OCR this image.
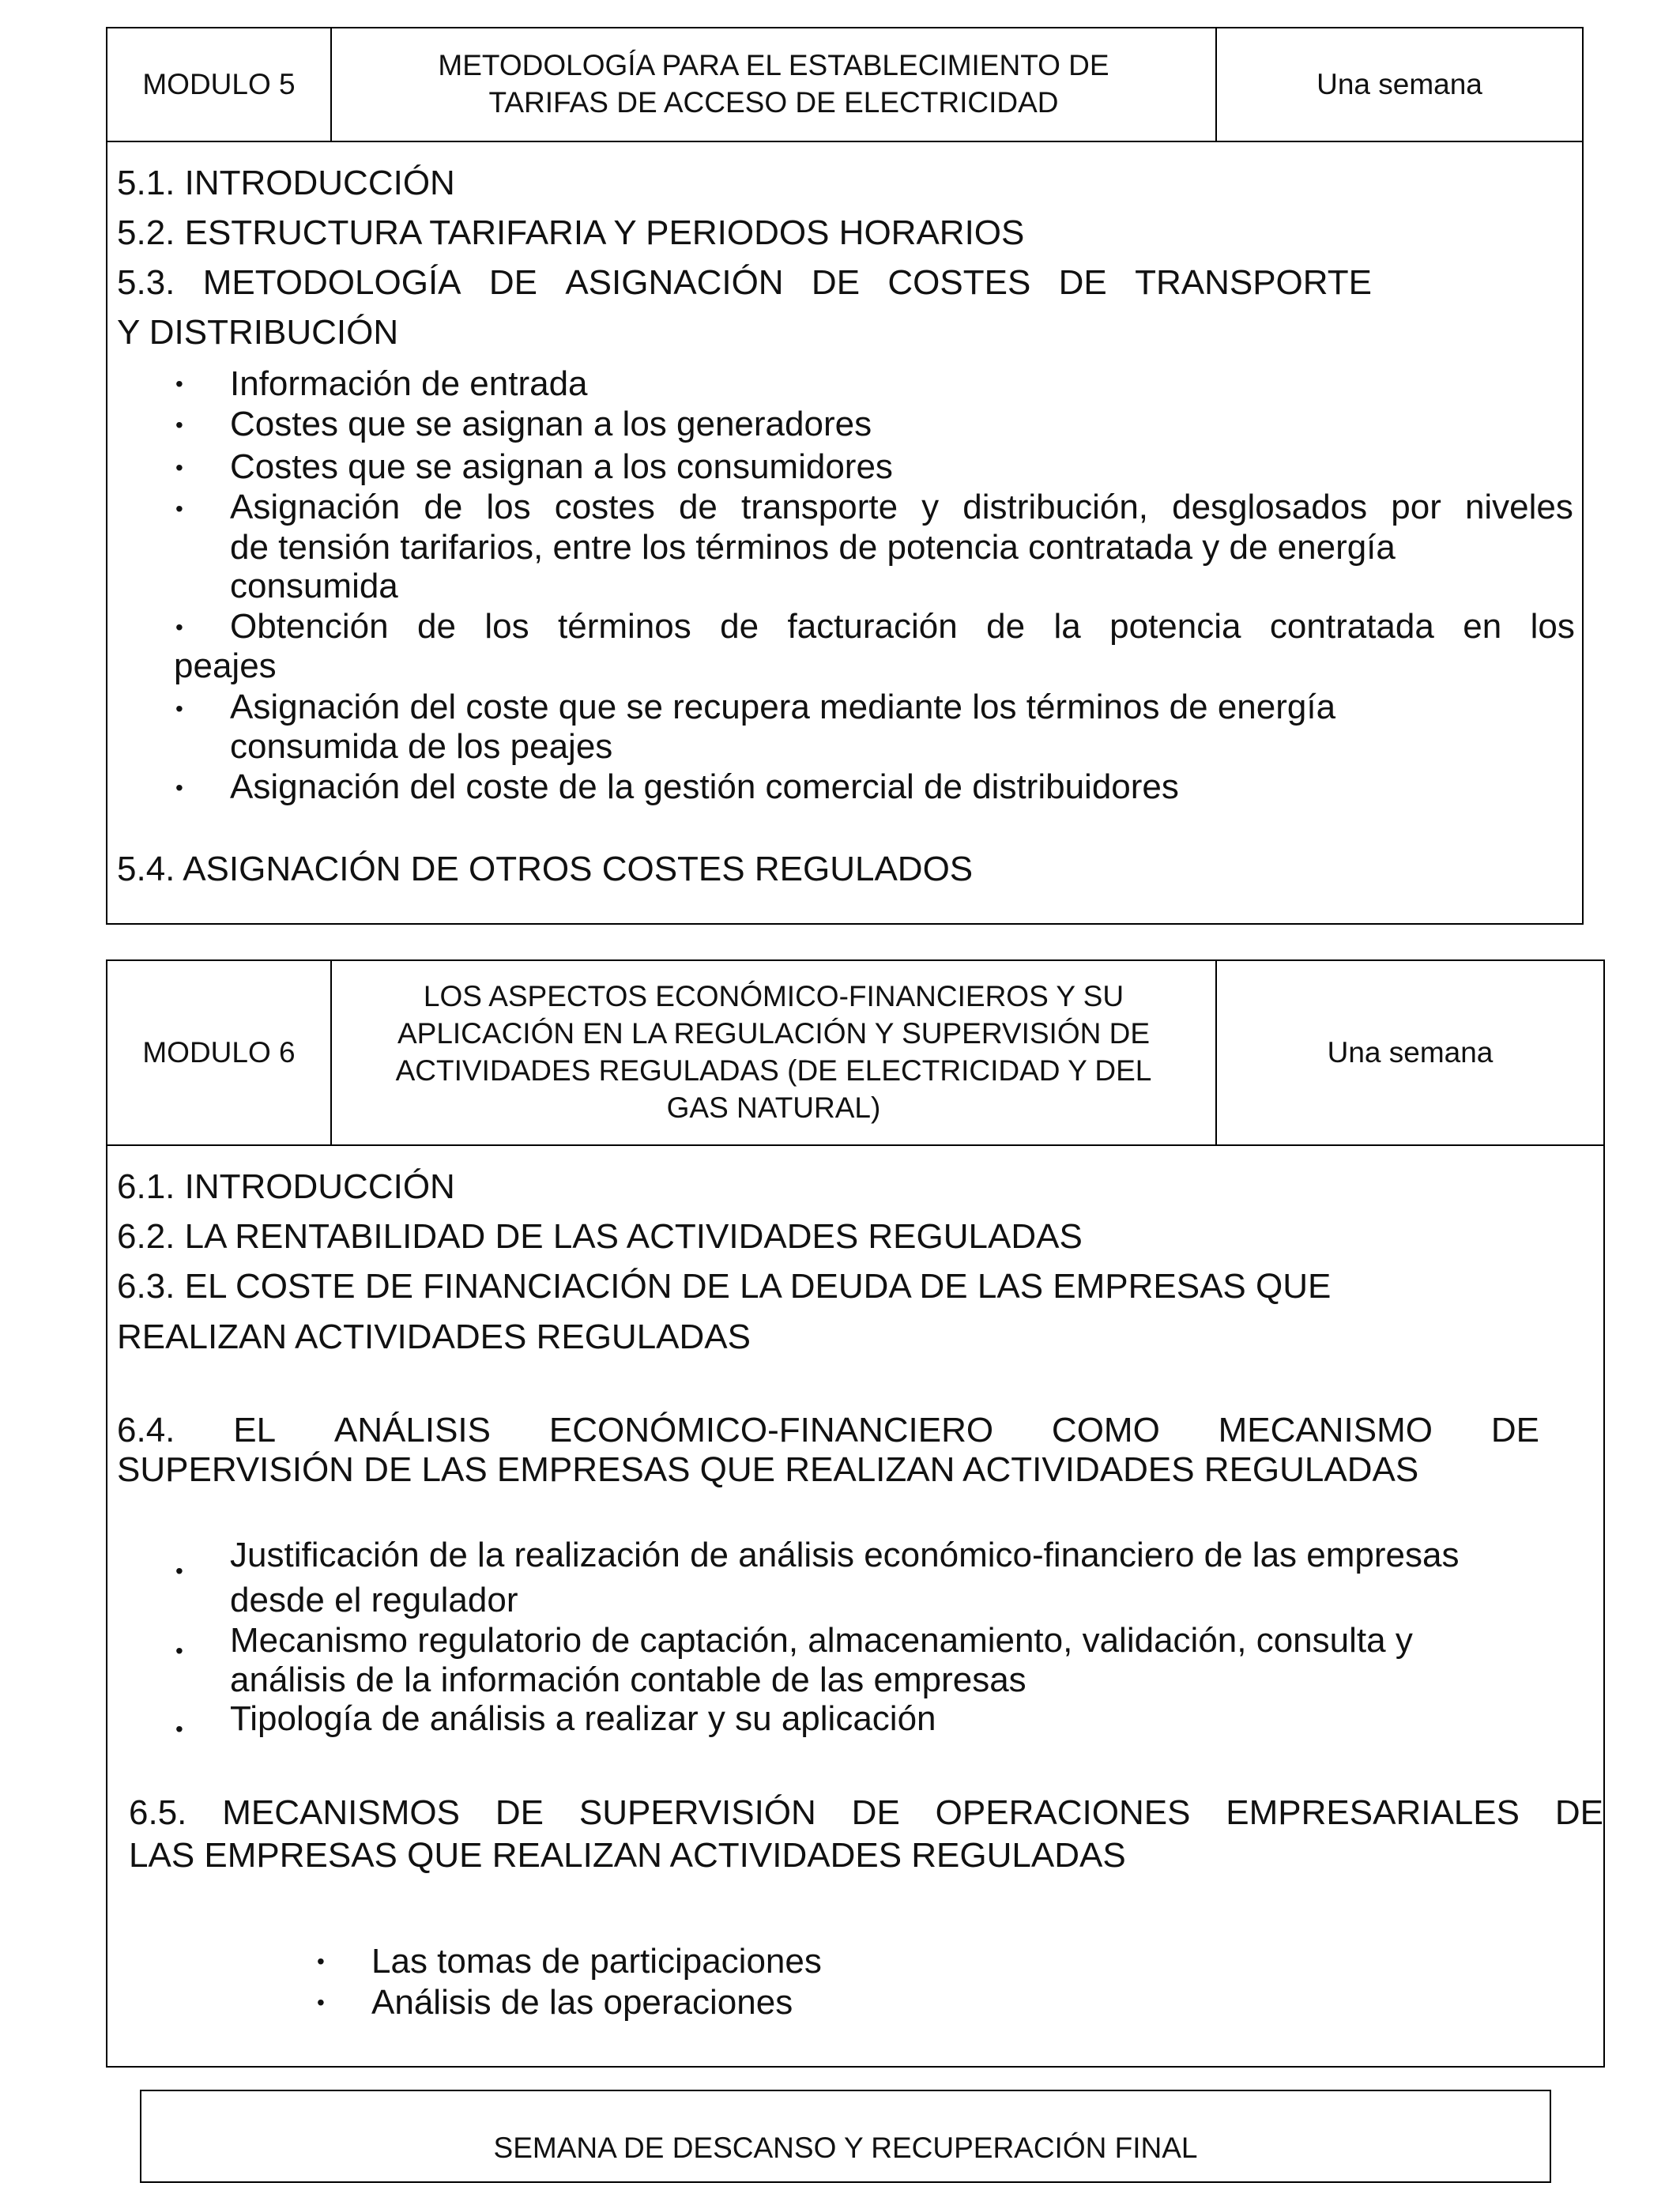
MODULO 5
METODOLOGÍA PARA EL ESTABLECIMIENTO DE
TARIFAS DE ACCESO DE ELECTRICIDAD
Una semana
5.1. INTRODUCCIÓN
5.2. ESTRUCTURA TARIFARIA Y PERIODOS HORARIOS
5.3. METODOLOGÍA DE ASIGNACIÓN DE COSTES DE TRANSPORTE
Y DISTRIBUCIÓN
• Información de entrada
• Costes que se asignan a los generadores
• Costes que se asignan a los consumidores
• Asignación de los costes de transporte y distribución, desglosados por niveles
de tensión tarifarios, entre los términos de potencia contratada y de energía
consumida
• Obtención de los términos de facturación de la potencia contratada en los
peajes
• Asignación del coste que se recupera mediante los términos de energía
consumida de los peajes
• Asignación del coste de la gestión comercial de distribuidores
5.4. ASIGNACIÓN DE OTROS COSTES REGULADOS
MODULO 6
LOS ASPECTOS ECONÓMICO-FINANCIEROS Y SU
APLICACIÓN EN LA REGULACIÓN Y SUPERVISIÓN DE
ACTIVIDADES REGULADAS (DE ELECTRICIDAD Y DEL
GAS NATURAL)
Una semana
6.1. INTRODUCCIÓN
6.2. LA RENTABILIDAD DE LAS ACTIVIDADES REGULADAS
6.3. EL COSTE DE FINANCIACIÓN DE LA DEUDA DE LAS EMPRESAS QUE
REALIZAN ACTIVIDADES REGULADAS
6.4. EL ANÁLISIS ECONÓMICO-FINANCIERO COMO MECANISMO DE
SUPERVISIÓN DE LAS EMPRESAS QUE REALIZAN ACTIVIDADES REGULADAS
• Justificación de la realización de análisis económico-financiero de las empresas
desde el regulador
• Mecanismo regulatorio de captación, almacenamiento, validación, consulta y
análisis de la información contable de las empresas
• Tipología de análisis a realizar y su aplicación
6.5. MECANISMOS DE SUPERVISIÓN DE OPERACIONES EMPRESARIALES DE
LAS EMPRESAS QUE REALIZAN ACTIVIDADES REGULADAS
• Las tomas de participaciones
• Análisis de las operaciones
SEMANA DE DESCANSO Y RECUPERACIÓN FINAL
